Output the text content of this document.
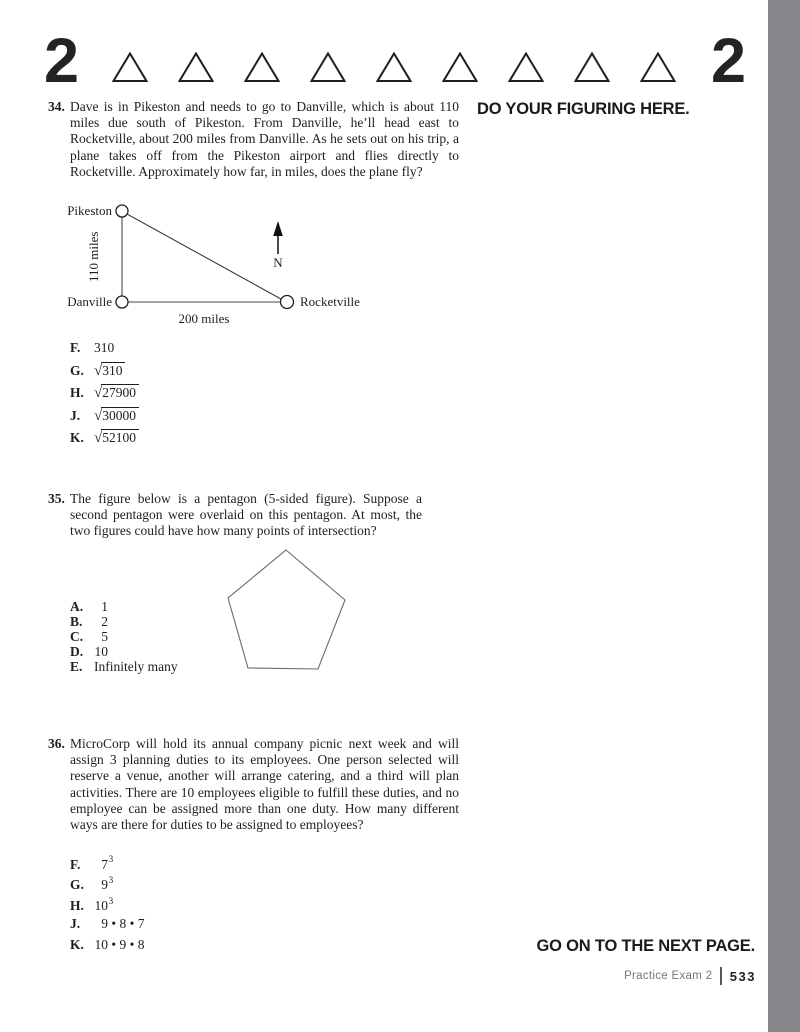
2	2
DO YOUR FIGURING HERE.
34. Dave is in Pikeston and needs to go to Danville, which is about 110 miles due south of Pikeston. From Danville, he’ll head east to Rocketville, about 200 miles from Danville. As he sets out on his trip, a plane takes off from the Pikeston airport and flies directly to Rocketville. Approximately how far, in miles, does the plane fly?
Pikeston
Danville	Rocketville
110 miles
200 miles
N
F.	310
G. √310
H. √27900
J. √30000
K. √52100
35. The figure below is a pentagon (5-sided figure). Suppose a second pentagon were overlaid on this pentagon. At most, the two figures could have how many points of intersection?
A.	1
B.	2
C.	5
D. 10
E. Infinitely many
36. MicroCorp will hold its annual company picnic next week and will assign 3 planning duties to its employees. One person selected will reserve a venue, another will arrange catering, and a third will plan activities. There are 10 employees eligible to fulfill these duties, and no employee can be assigned more than one duty. How many different ways are there for duties to be assigned to employees?
F.	$7^3$
G.	$9^3$
H. $10^3$
J.	9 • 8 • 7
K. 10 • 9 • 8	GO ON TO THE NEXT PAGE.
Practice Exam 2 533
